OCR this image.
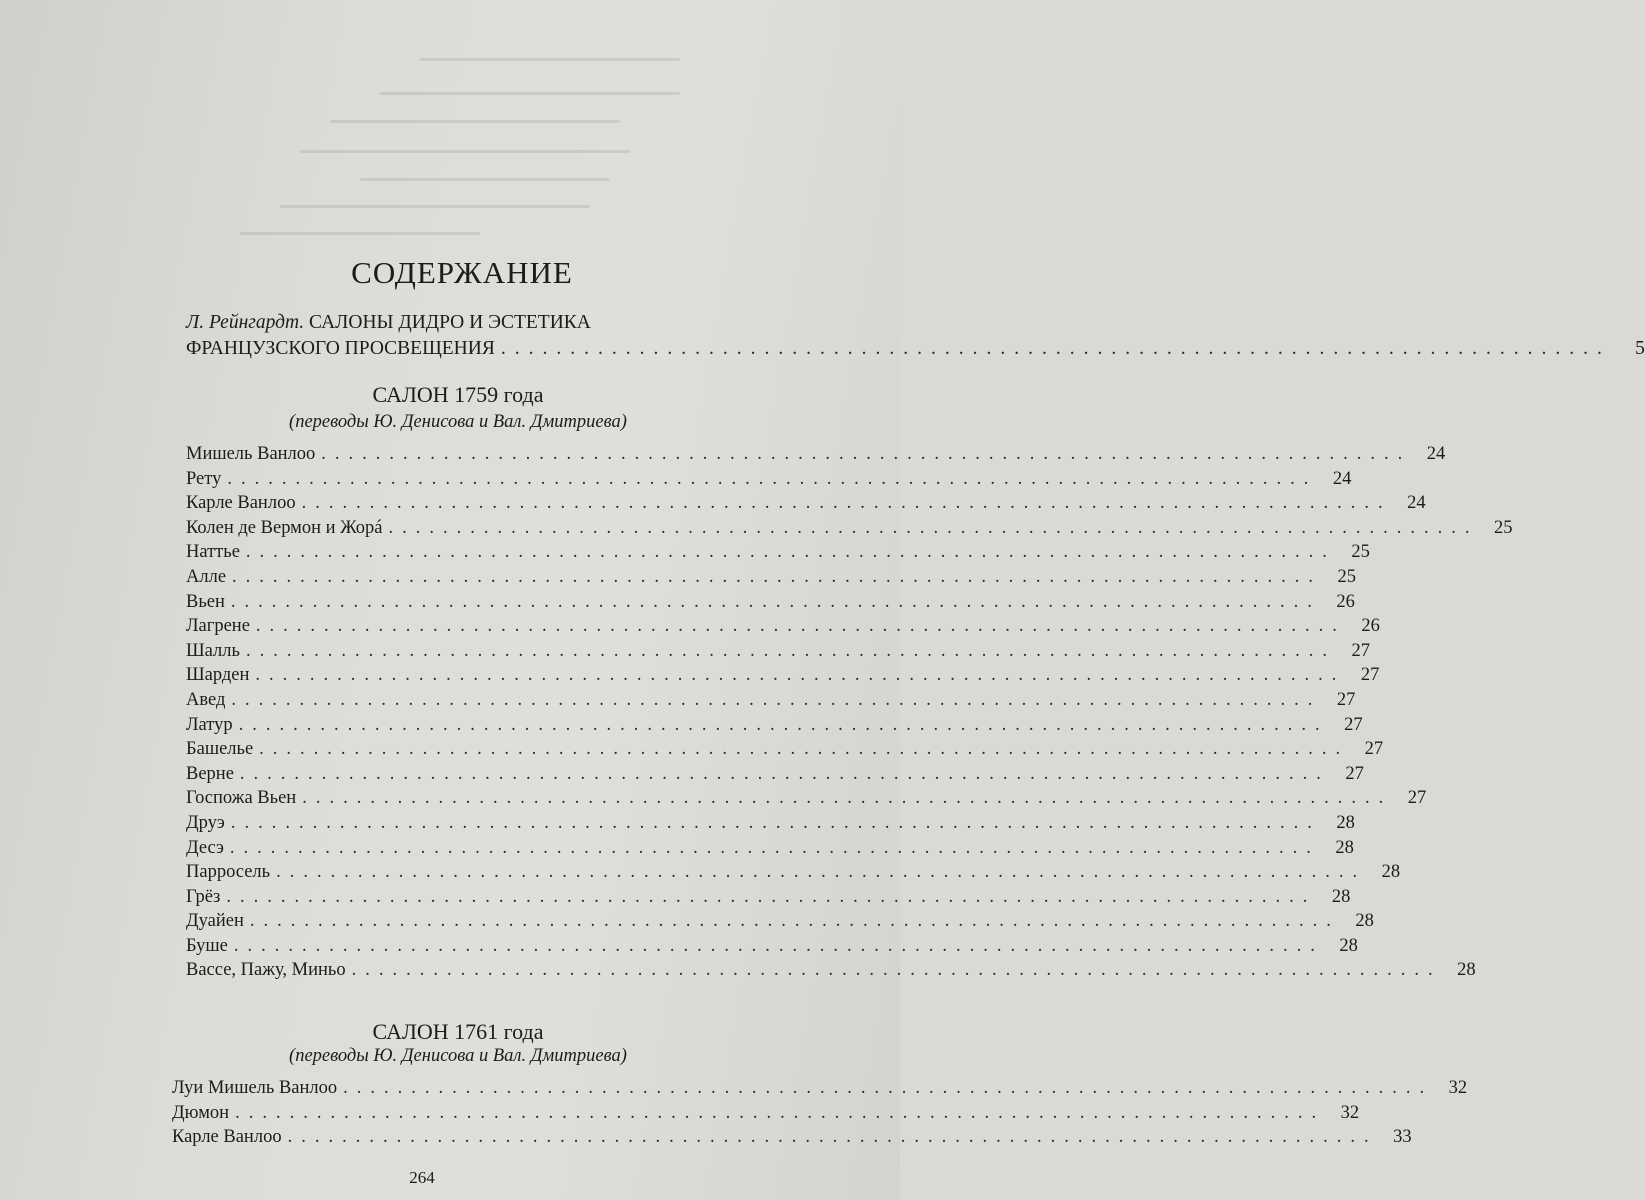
СОДЕРЖАНИЕ
Л. Рейнгардт. САЛОНЫ ДИДРО И ЭСТЕТИКА
ФРАНЦУЗСКОГО ПРОСВЕЩЕНИЯ ................................................................................	5
САЛОН 1759 года
(переводы Ю. Денисова и Вал. Дмитриева)
Мишель Ванлоо ................................................................................ 24
Рету ................................................................................ 24
Карле Ванлоо ................................................................................ 24
Колен де Вермон и Жорá ................................................................................ 25
Наттье ................................................................................ 25
Алле ................................................................................ 25
Вьен ................................................................................ 26
Лагрене ................................................................................ 26
Шалль ................................................................................ 27
Шарден ................................................................................ 27
Авед ................................................................................ 27
Латур ................................................................................ 27
Башелье ................................................................................ 27
Верне ................................................................................ 27
Госпожа Вьен ................................................................................ 27
Друэ ................................................................................ 28
Десэ ................................................................................ 28
Парросель ................................................................................ 28
Грёз ................................................................................ 28
Дуайен ................................................................................ 28
Буше ................................................................................ 28
Вассе, Пажу, Миньо ................................................................................ 28
САЛОН 1761 года
(переводы Ю. Денисова и Вал. Дмитриева)
Луи Мишель Ванлоо ................................................................................ 32
Дюмон ................................................................................ 32
Карле Ванлоо ................................................................................ 33
264
